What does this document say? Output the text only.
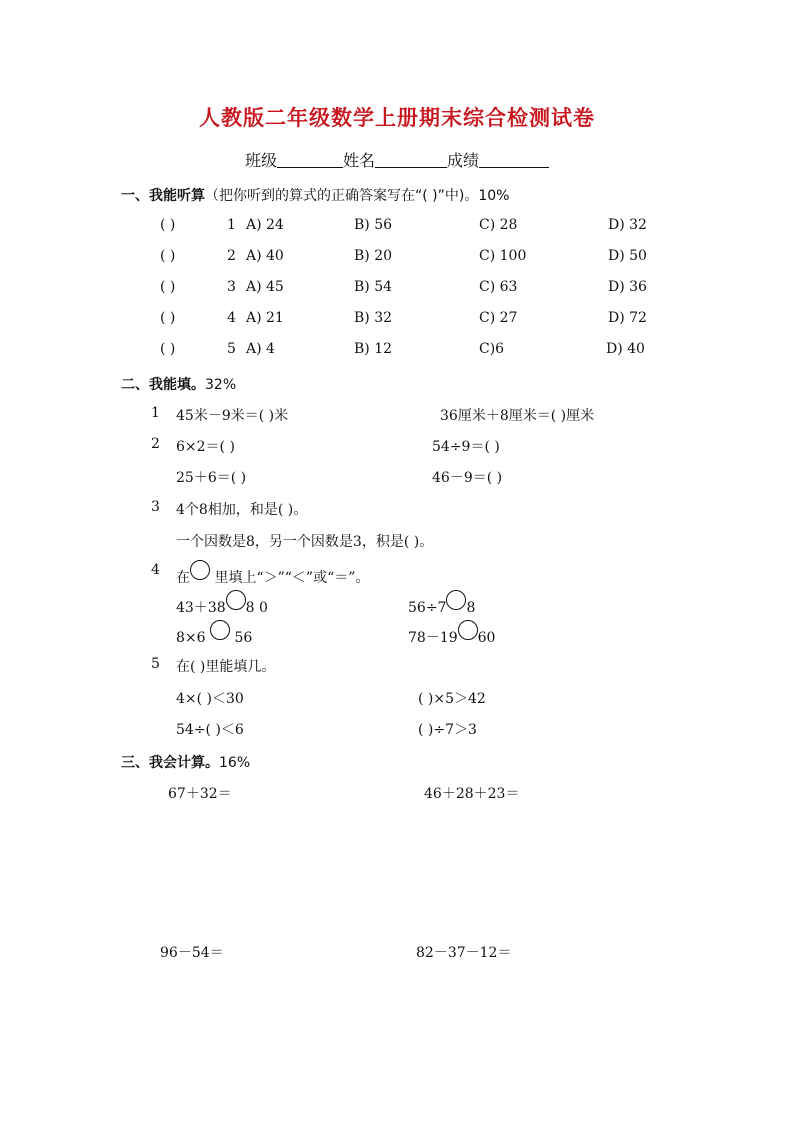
人教版二年级数学上册期末综合检测试卷
班级	姓名	成绩
一、我能听算（把你听到的算式的正确答案写在“( )”中)。10%
( )	1 A) 24	B) 56	C) 28	D) 32
( )	2 A) 40	B) 20	C) 100	D) 50
( )	3 A) 45	B) 54	C) 63	D) 36
( )	4 A) 21	B) 32	C) 27	D) 72
( )	5 A) 4	B) 12	C)6	D) 40
二、我能填。32%
1 45米－9米＝( )米	36厘米＋8厘米＝( )厘米
2 6×2＝( )	54÷9＝( )
25＋6＝( )	46－9＝( )
3 4个8相加，和是( )。
一个因数是8，另一个因数是3，积是( )。
4 在 里填上“＞”“＜”或“＝”。
43＋38 8 0	56÷7 8
8×6 56	78－19 60
5 在( )里能填几。
4×( )＜30	( )×5＞42
54÷( )＜6	( )÷7＞3
三、我会计算。16%
67＋32＝	46＋28＋23＝
96－54＝	82－37－12＝
